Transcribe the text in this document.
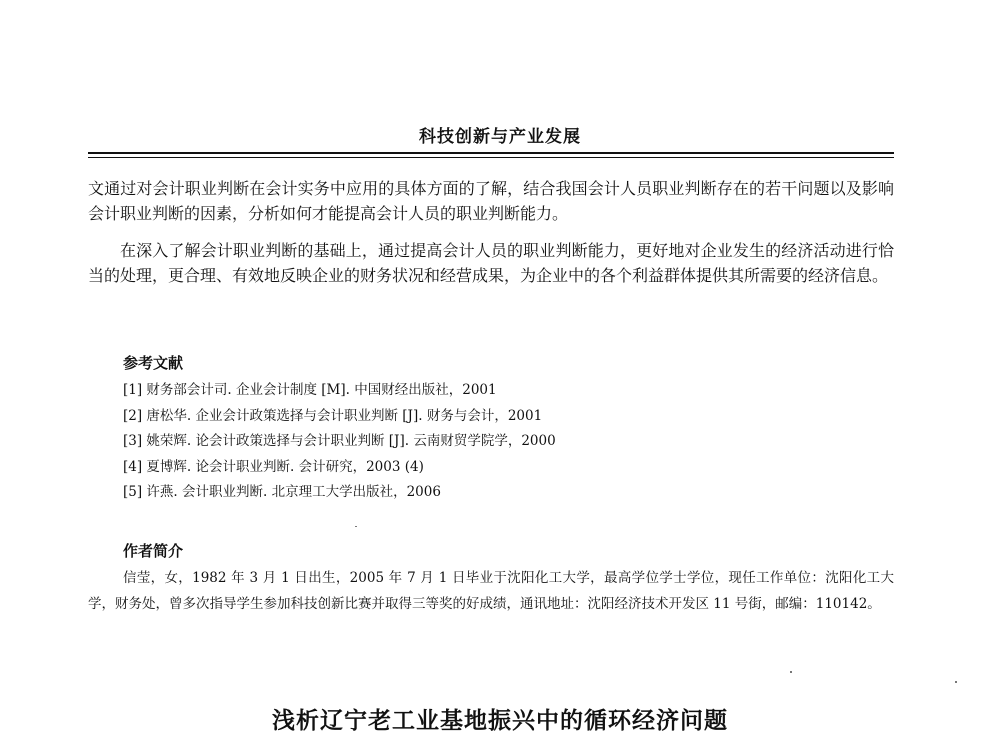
科技创新与产业发展
文通过对会计职业判断在会计实务中应用的具体方面的了解，结合我国会计人员职业判断存在的若干问题以及影响会计职业判断的因素，分析如何才能提高会计人员的职业判断能力。
在深入了解会计职业判断的基础上，通过提高会计人员的职业判断能力，更好地对企业发生的经济活动进行恰当的处理，更合理、有效地反映企业的财务状况和经营成果，为企业中的各个利益群体提供其所需要的经济信息。
参考文献
[1] 财务部会计司. 企业会计制度 [M]. 中国财经出版社，2001
[2] 唐松华. 企业会计政策选择与会计职业判断 [J]. 财务与会计，2001
[3] 姚荣辉. 论会计政策选择与会计职业判断 [J]. 云南财贸学院学，2000
[4] 夏博辉. 论会计职业判断. 会计研究，2003 (4)
[5] 许燕. 会计职业判断. 北京理工大学出版社，2006
作者简介
信莹，女，1982 年 3 月 1 日出生，2005 年 7 月 1 日毕业于沈阳化工大学，最高学位学士学位，现任工作单位：沈阳化工大学，财务处，曾多次指导学生参加科技创新比赛并取得三等奖的好成绩，通讯地址：沈阳经济技术开发区 11 号街，邮编：110142。
浅析辽宁老工业基地振兴中的循环经济问题
